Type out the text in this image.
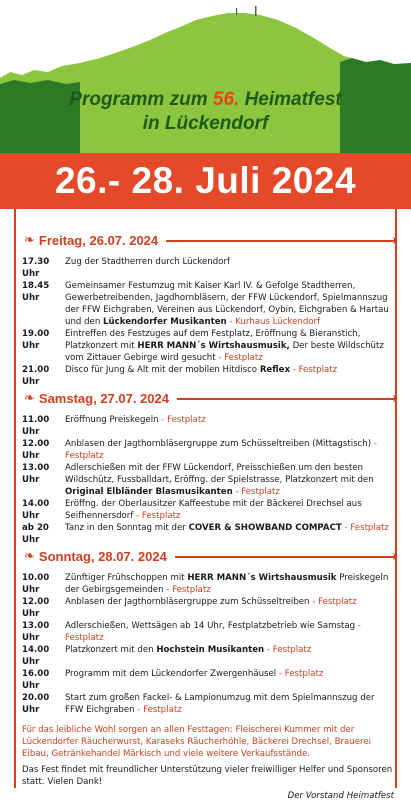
Programm zum 56. Heimatfest
in Lückendorf
26.- 28. Juli 2024
❧ Freitag, 26.07. 2024
17.30 Uhr
Zug der Stadtherren durch Lückendorf
18.45 Uhr
Gemeinsamer Festumzug mit Kaiser Karl IV. & Gefolge Stadtherren, Gewerbetreibenden, Jagdhornbläsern, der FFW Lückendorf, Spielmannszug der FFW Eichgraben, Vereinen aus Lückendorf, Oybin, Eichgraben & Hartau und den Lückendorfer Musikanten - Kurhaus Lückendorf
19.00 Uhr
Eintreffen des Festzuges auf dem Festplatz, Eröffnung & Bieranstich, Platzkonzert mit HERR MANN´s Wirtshausmusik, Der beste Wildschütz vom Zittauer Gebirge wird gesucht - Festplatz
21.00 Uhr
Disco für Jung & Alt mit der mobilen Hitdisco Reflex - Festplatz
❧ Samstag, 27.07. 2024
11.00 Uhr
Eröffnung Preiskegeln - Festplatz
12.00 Uhr
Anblasen der Jagthornbläsergruppe zum Schüsseltreiben (Mittagstisch) - Festplatz
13.00 Uhr
Adlerschießen mit der FFW Lückendorf, Preisschießen um den besten Wildschütz, Fussballdart, Eröffng. der Spielstrasse, Platzkonzert mit den Original Elbländer Blasmusikanten - Festplatz
14.00 Uhr
Eröffng. der Oberlausitzer Kaffeestube mit der Bäckerei Drechsel aus Seifhennersdorf - Festplatz
ab 20 Uhr
Tanz in den Sonntag mit der COVER & SHOWBAND COMPACT - Festplatz
❧ Sonntag, 28.07. 2024
10.00 Uhr
Zünftiger Frühschoppen mit HERR MANN´s Wirtshausmusik Preiskegeln der Gebirgsgemeinden - Festplatz
12.00 Uhr
Anblasen der Jagthornbläsergruppe zum Schüsseltreiben - Festplatz
13.00 Uhr
Adlerschießen, Wettsägen ab 14 Uhr, Festplatzbetrieb wie Samstag - Festplatz
14.00 Uhr
Platzkonzert mit den Hochstein Musikanten - Festplatz
16.00 Uhr
Programm mit dem Lückendorfer Zwergenhäusel - Festplatz
20.00 Uhr
Start zum großen Fackel- & Lampionumzug mit dem Spielmannszug der FFW Eichgraben - Festplatz
Für das leibliche Wohl sorgen an allen Festtagen: Fleischerei Kummer mit der Lückendorfer Räucherwurst, Karaseks Räucherhöhle, Bäckerei Drechsel, Brauerei Eibau, Getränkehandel Märkisch und viele weitere Verkaufsstände.
Das Fest findet mit freundlicher Unterstützung vieler freiwilliger Helfer und Sponsoren statt. Vielen Dank!
Der Vorstand Heimatfest
